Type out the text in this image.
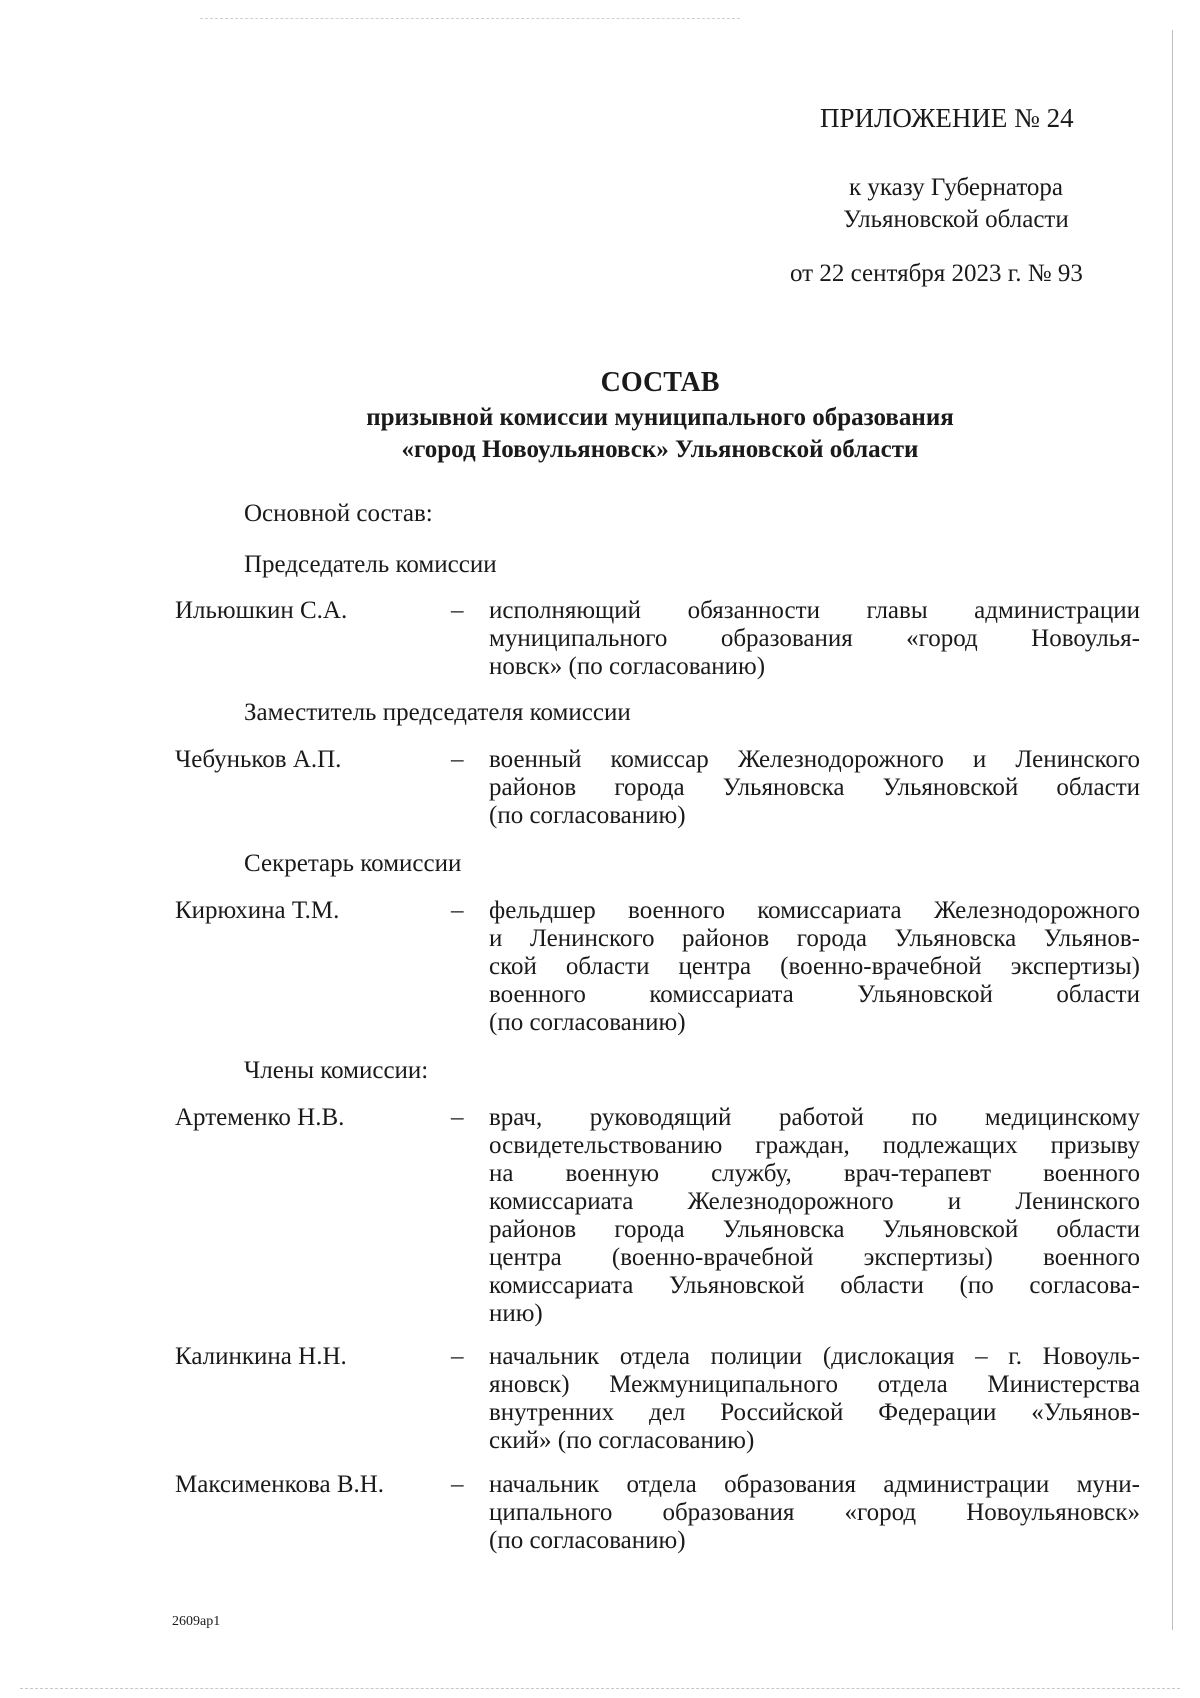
ПРИЛОЖЕНИЕ № 24
к указу Губернатора
Ульяновской области
от 22 сентября 2023 г. № 93
СОСТАВ
призывной комиссии муниципального образования
«город Новоульяновск» Ульяновской области
Основной состав:
Председатель комиссии
Ильюшкин С.А.	– исполняющий обязанности главы администрации
муниципального образования «город Новоулья-
новск» (по согласованию)
Заместитель председателя комиссии
Чебуньков А.П.	– военный комиссар Железнодорожного и Ленинского
районов города Ульяновска Ульяновской области
(по согласованию)
Секретарь комиссии
Кирюхина Т.М.	– фельдшер военного комиссариата Железнодорожного
и Ленинского районов города Ульяновска Ульянов-
ской области центра (военно-врачебной экспертизы)
военного комиссариата Ульяновской области
(по согласованию)
Члены комиссии:
Артеменко Н.В.	– врач, руководящий работой по медицинскому
освидетельствованию граждан, подлежащих призыву
на военную службу, врач-терапевт военного
комиссариата Железнодорожного и Ленинского
районов города Ульяновска Ульяновской области
центра (военно-врачебной экспертизы) военного
комиссариата Ульяновской области (по согласова-
нию)
Калинкина Н.Н.	– начальник отдела полиции (дислокация – г. Новоуль-
яновск) Межмуниципального отдела Министерства
внутренних дел Российской Федерации «Ульянов-
ский» (по согласованию)
Максименкова В.Н.	– начальник отдела образования администрации муни-
ципального образования «город Новоульяновск»
(по согласованию)
2609ap1
